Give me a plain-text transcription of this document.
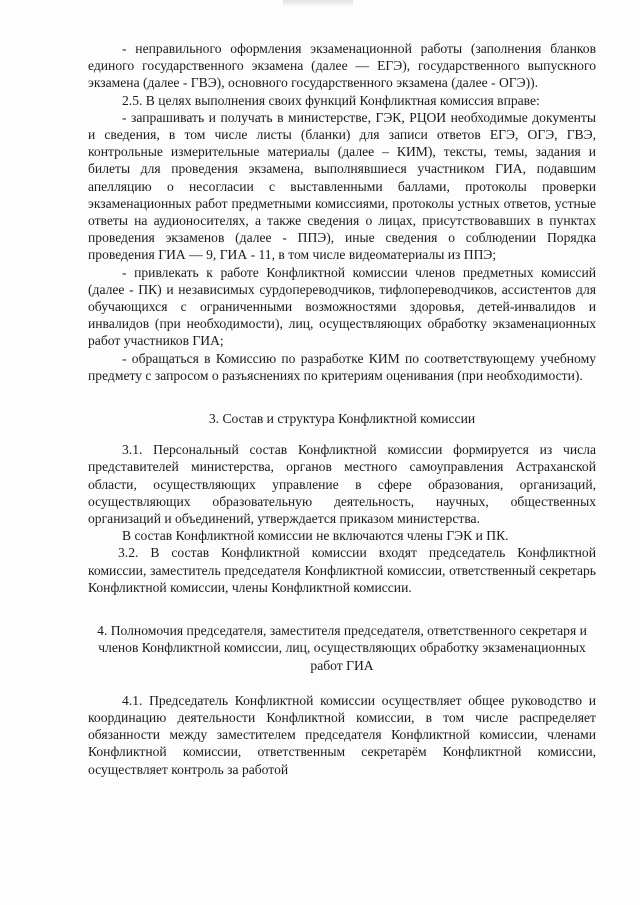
- неправильного оформления экзаменационной работы (заполнения бланков единого государственного экзамена (далее — ЕГЭ), государственного выпускного экзамена (далее - ГВЭ), основного государственного экзамена (далее - ОГЭ)).

2.5. В целях выполнения своих функций Конфликтная комиссия вправе:

- запрашивать и получать в министерстве, ГЭК, РЦОИ необходимые документы и сведения, в том числе листы (бланки) для записи ответов ЕГЭ, ОГЭ, ГВЭ, контрольные измерительные материалы (далее – КИМ), тексты, темы, задания и билеты для проведения экзамена, выполнявшиеся участником ГИА, подавшим апелляцию о несогласии с выставленными баллами, протоколы проверки экзаменационных работ предметными комиссиями, протоколы устных ответов, устные ответы на аудионосителях, а также сведения о лицах, присутствовавших в пунктах проведения экзаменов (далее - ППЭ), иные сведения о соблюдении Порядка проведения ГИА — 9, ГИА - 11, в том числе видеоматериалы из ППЭ;

- привлекать к работе Конфликтной комиссии членов предметных комиссий (далее - ПК) и независимых сурдопереводчиков, тифлопереводчиков, ассистентов для обучающихся с ограниченными возможностями здоровья, детей-инвалидов и инвалидов (при необходимости), лиц, осуществляющих обработку экзаменационных работ участников ГИА;

- обращаться в Комиссию по разработке КИМ по соответствующему учебному предмету с запросом о разъяснениях по критериям оценивания (при необходимости).

3. Состав и структура Конфликтной комиссии

3.1. Персональный состав Конфликтной комиссии формируется из числа представителей министерства, органов местного самоуправления Астраханской области, осуществляющих управление в сфере образования, организаций, осуществляющих образовательную деятельность, научных, общественных организаций и объединений, утверждается приказом министерства.

В состав Конфликтной комиссии не включаются члены ГЭК и ПК.

3.2. В состав Конфликтной комиссии входят председатель Конфликтной комиссии, заместитель председателя Конфликтной комиссии, ответственный секретарь Конфликтной комиссии, члены Конфликтной комиссии.

4. Полномочия председателя, заместителя председателя, ответственного секретаря и членов Конфликтной комиссии, лиц, осуществляющих обработку экзаменационных работ ГИА

4.1. Председатель Конфликтной комиссии осуществляет общее руководство и координацию деятельности Конфликтной комиссии, в том числе распределяет обязанности между заместителем председателя Конфликтной комиссии, членами Конфликтной комиссии, ответственным секретарём Конфликтной комиссии, осуществляет контроль за работой
